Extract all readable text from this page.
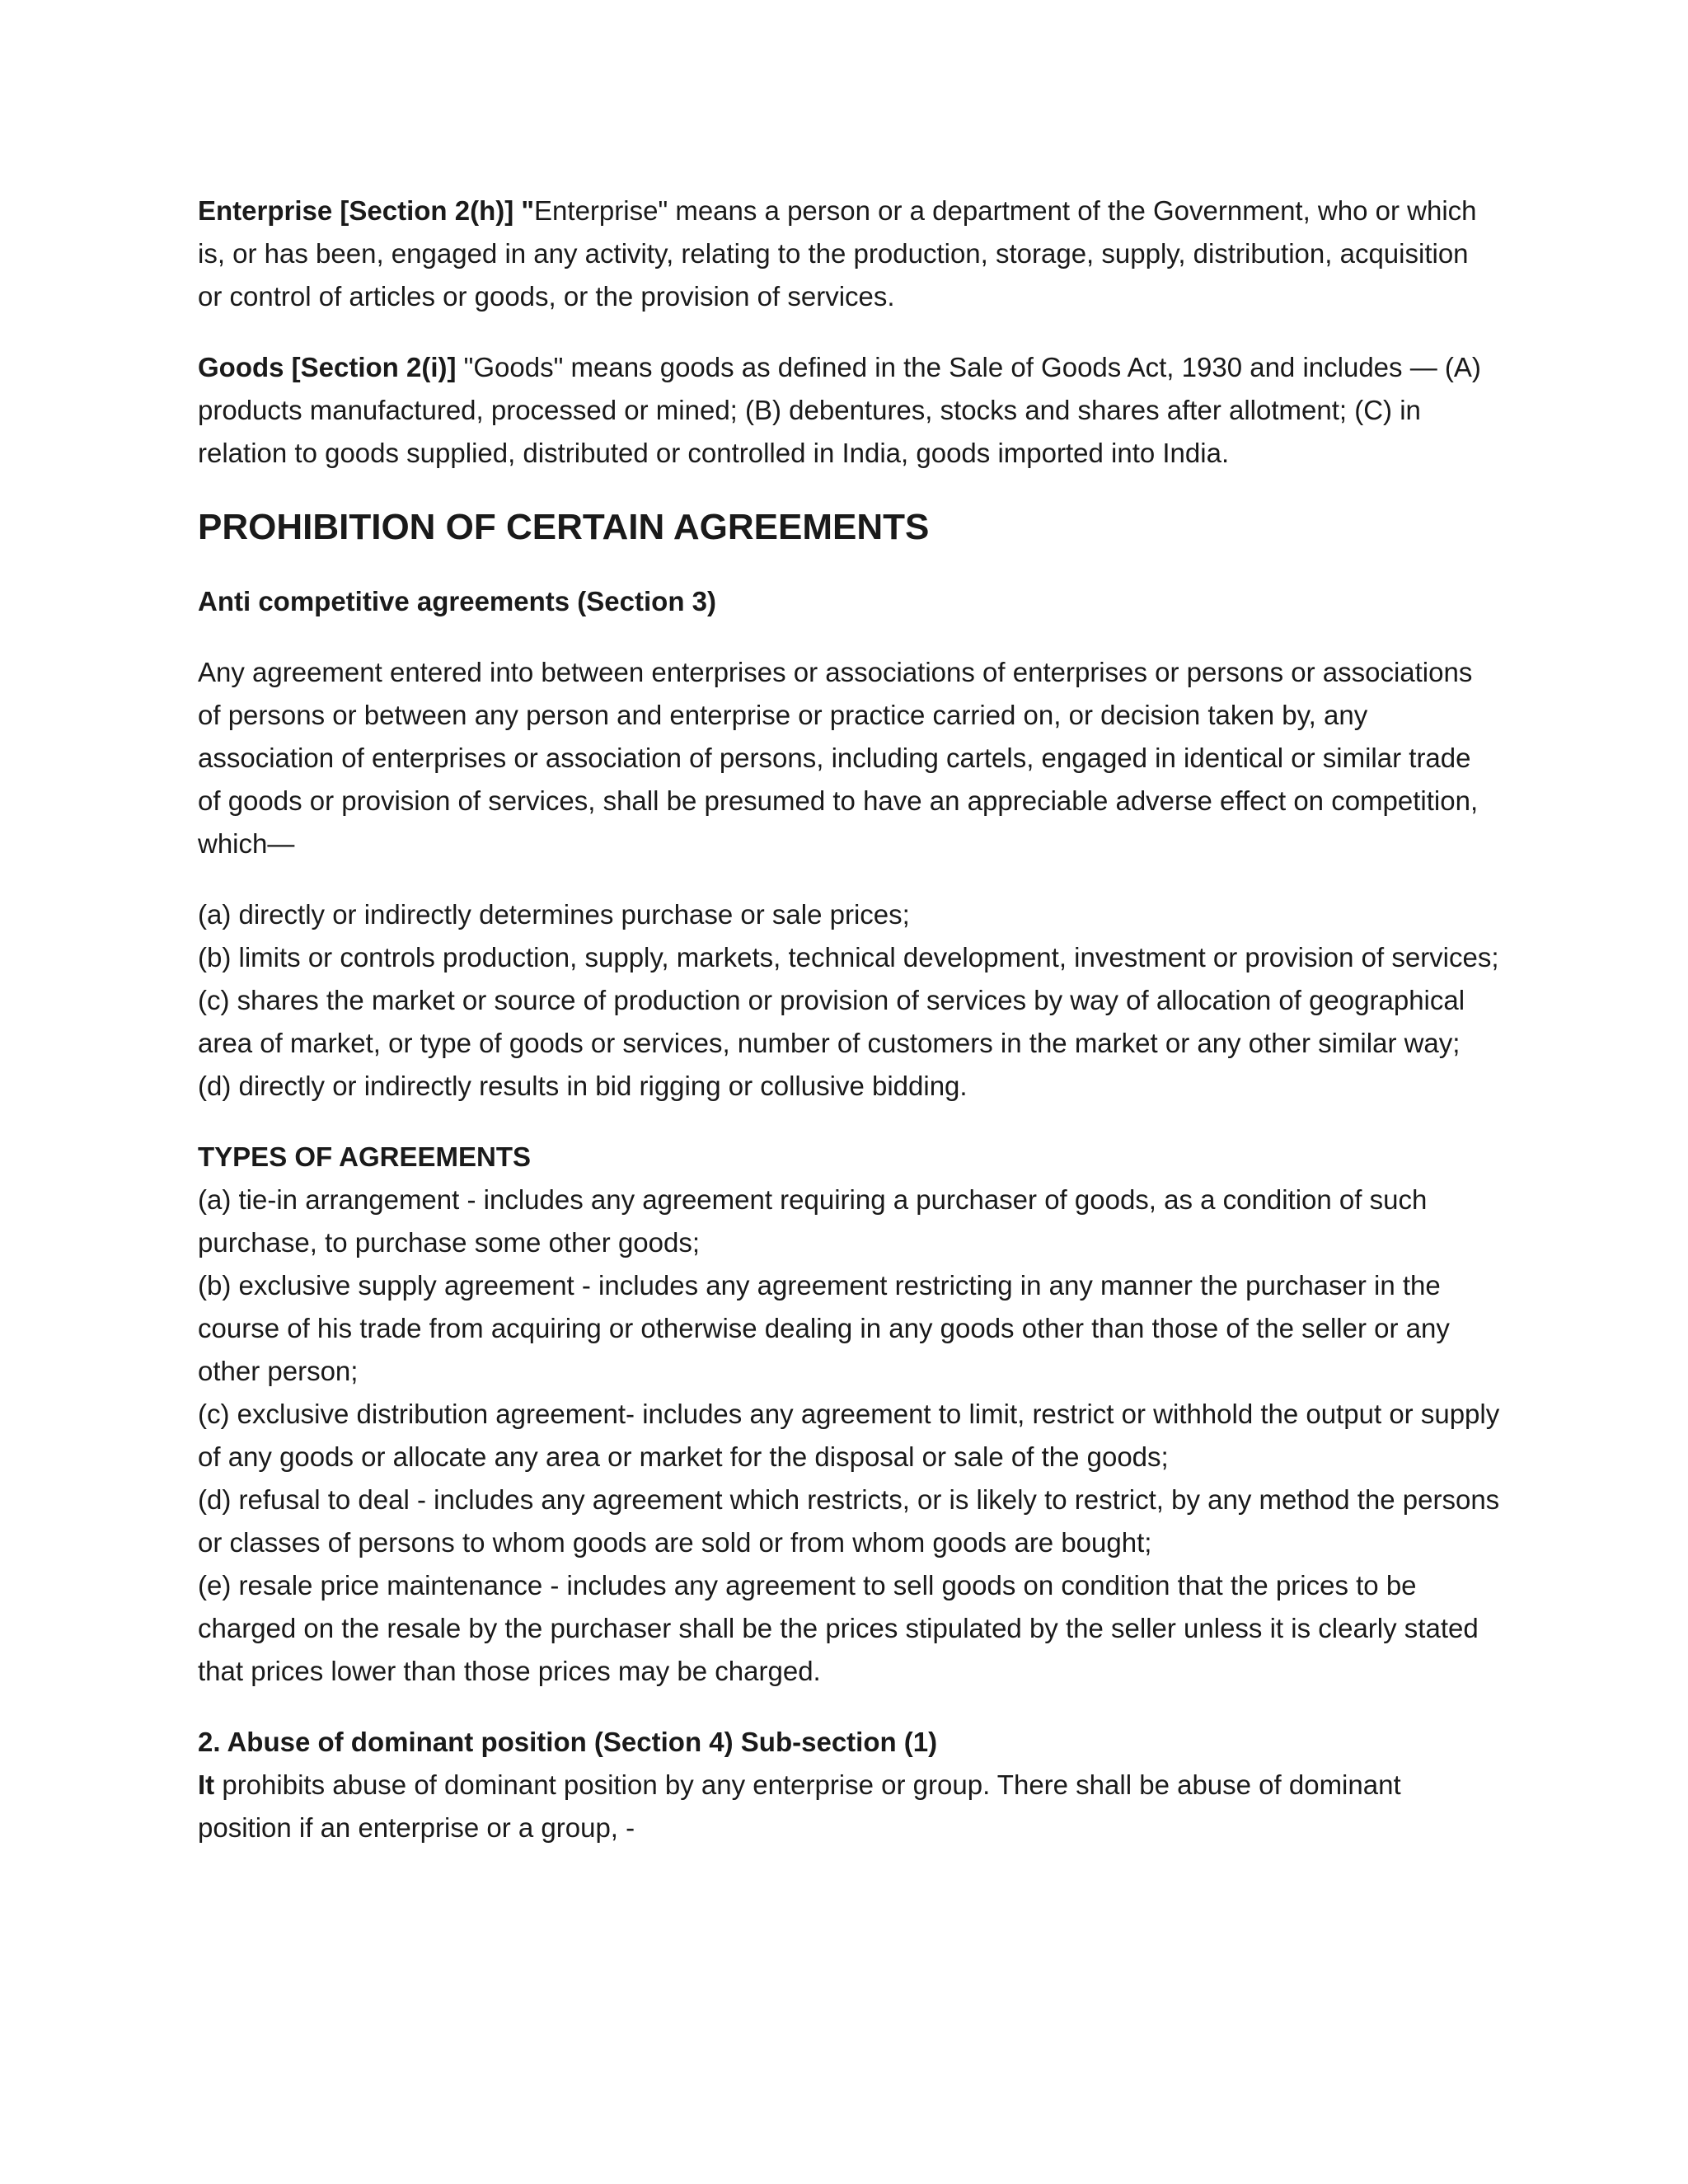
Enterprise [Section 2(h)] "Enterprise" means a person or a department of the Government, who or which is, or has been, engaged in any activity, relating to the production, storage, supply, distribution, acquisition or control of articles or goods, or the provision of services.

Goods [Section 2(i)] "Goods" means goods as defined in the Sale of Goods Act, 1930 and includes — (A) products manufactured, processed or mined; (B) debentures, stocks and shares after allotment; (C) in relation to goods supplied, distributed or controlled in India, goods imported into India.

PROHIBITION OF CERTAIN AGREEMENTS

Anti competitive agreements (Section 3)

Any agreement entered into between enterprises or associations of enterprises or persons or associations of persons or between any person and enterprise or practice carried on, or decision taken by, any association of enterprises or association of persons, including cartels, engaged in identical or similar trade of goods or provision of services, shall be presumed to have an appreciable adverse effect on competition, which—

(a) directly or indirectly determines purchase or sale prices;
(b) limits or controls production, supply, markets, technical development, investment or provision of services;
(c) shares the market or source of production or provision of services by way of allocation of geographical area of market, or type of goods or services, number of customers in the market or any other similar way;
(d) directly or indirectly results in bid rigging or collusive bidding.
TYPES OF AGREEMENTS
(a) tie-in arrangement - includes any agreement requiring a purchaser of goods, as a condition of such purchase, to purchase some other goods;
(b) exclusive supply agreement - includes any agreement restricting in any manner the purchaser in the course of his trade from acquiring or otherwise dealing in any goods other than those of the seller or any other person;
(c) exclusive distribution agreement- includes any agreement to limit, restrict or withhold the output or supply of any goods or allocate any area or market for the disposal or sale of the goods;
(d) refusal to deal - includes any agreement which restricts, or is likely to restrict, by any method the persons or classes of persons to whom goods are sold or from whom goods are bought;
(e) resale price maintenance - includes any agreement to sell goods on condition that the prices to be charged on the resale by the purchaser shall be the prices stipulated by the seller unless it is clearly stated that prices lower than those prices may be charged.
2. Abuse of dominant position (Section 4) Sub-section (1)
It prohibits abuse of dominant position by any enterprise or group. There shall be abuse of dominant position if an enterprise or a group, -
